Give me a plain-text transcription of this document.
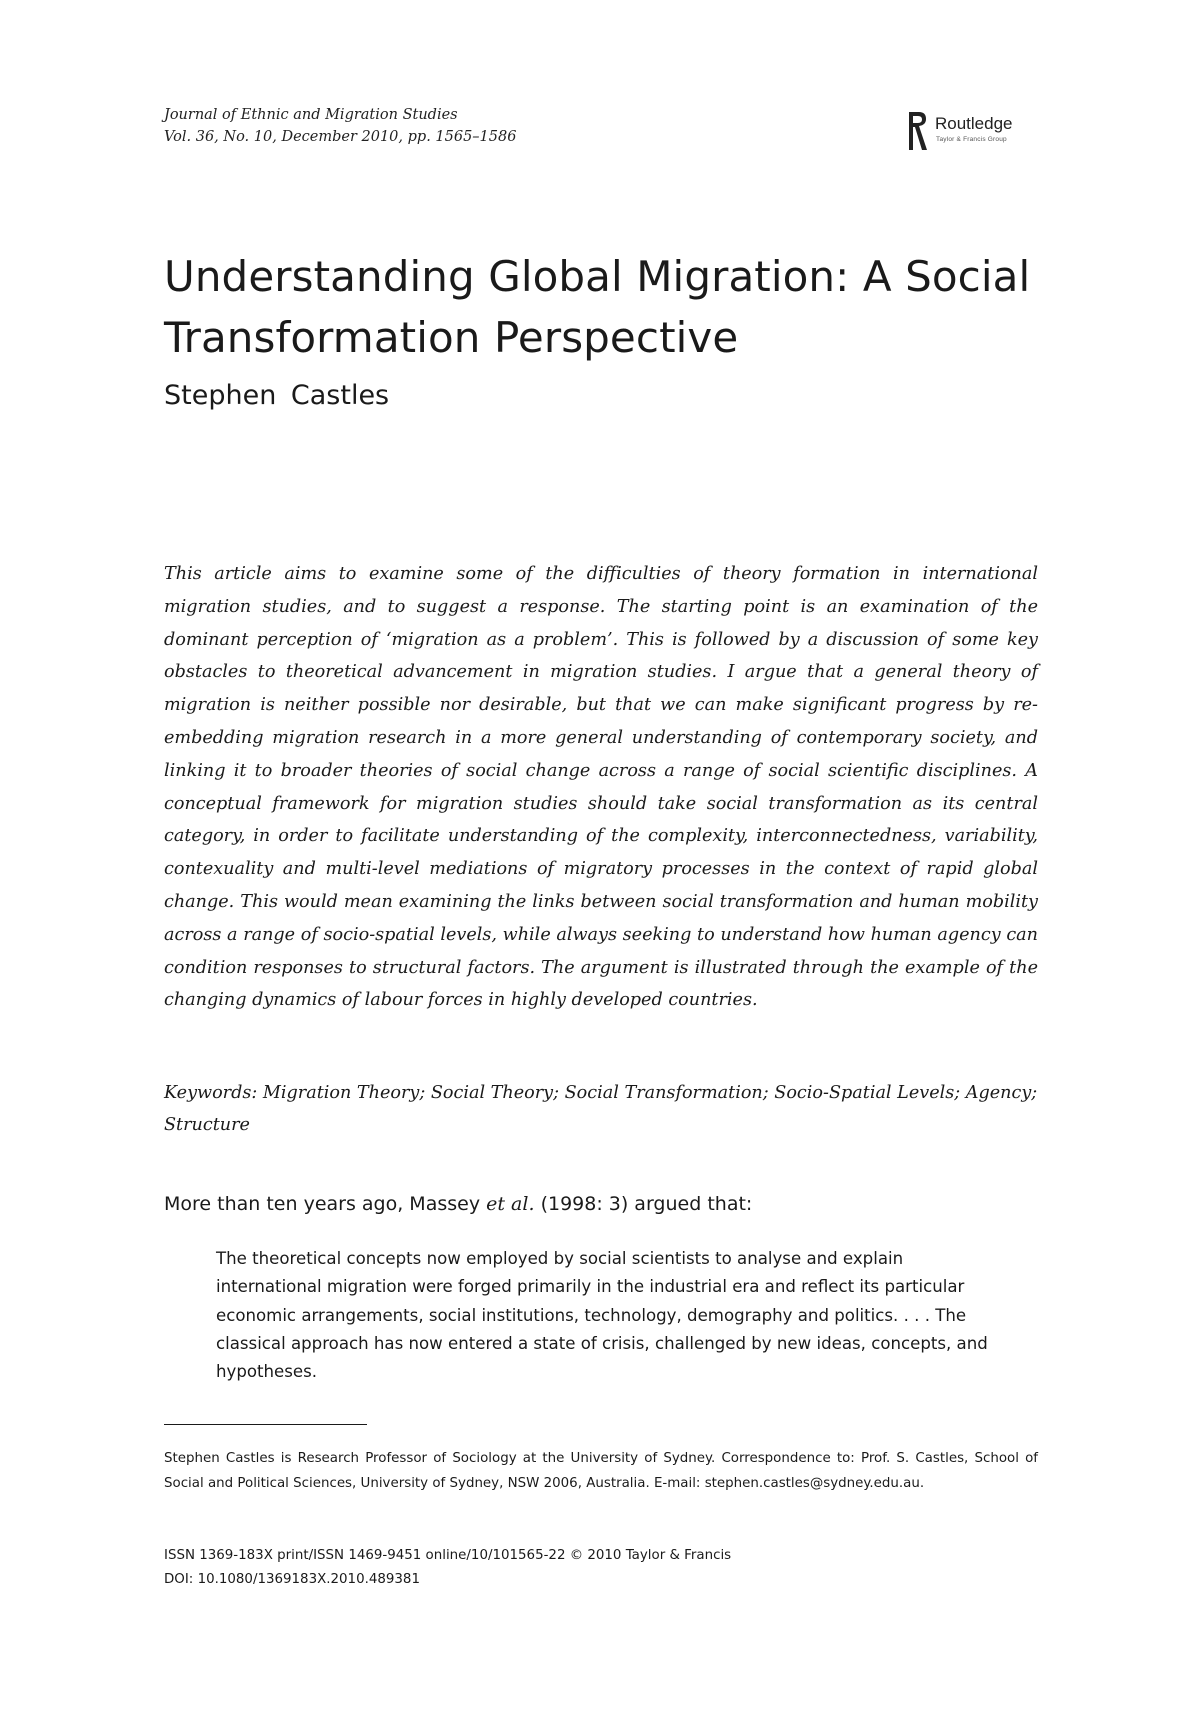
Journal of Ethnic and Migration Studies
Vol. 36, No. 10, December 2010, pp. 1565–1586
Routledge
Taylor & Francis Group
Understanding Global Migration: A Social Transformation Perspective
Stephen Castles

This article aims to examine some of the difficulties of theory formation in international migration studies, and to suggest a response. The starting point is an examination of the dominant perception of ‘migration as a problem’. This is followed by a discussion of some key obstacles to theoretical advancement in migration studies. I argue that a general theory of migration is neither possible nor desirable, but that we can make significant progress by re-embedding migration research in a more general understanding of contemporary society, and linking it to broader theories of social change across a range of social scientific disciplines. A conceptual framework for migration studies should take social transformation as its central category, in order to facilitate understanding of the complexity, interconnectedness, variability, contexuality and multi-level mediations of migratory processes in the context of rapid global change. This would mean examining the links between social transformation and human mobility across a range of socio-spatial levels, while always seeking to understand how human agency can condition responses to structural factors. The argument is illustrated through the example of the changing dynamics of labour forces in highly developed countries.

Keywords: Migration Theory; Social Theory; Social Transformation; Socio-Spatial Levels; Agency; Structure

More than ten years ago, Massey et al. (1998: 3) argued that:

The theoretical concepts now employed by social scientists to analyse and explain international migration were forged primarily in the industrial era and reflect its particular economic arrangements, social institutions, technology, demography and politics. . . . The classical approach has now entered a state of crisis, challenged by new ideas, concepts, and hypotheses.

Stephen Castles is Research Professor of Sociology at the University of Sydney. Correspondence to: Prof. S. Castles, School of Social and Political Sciences, University of Sydney, NSW 2006, Australia. E-mail: stephen.castles@sydney.edu.au.

ISSN 1369-183X print/ISSN 1469-9451 online/10/101565-22 © 2010 Taylor & Francis
DOI: 10.1080/1369183X.2010.489381
